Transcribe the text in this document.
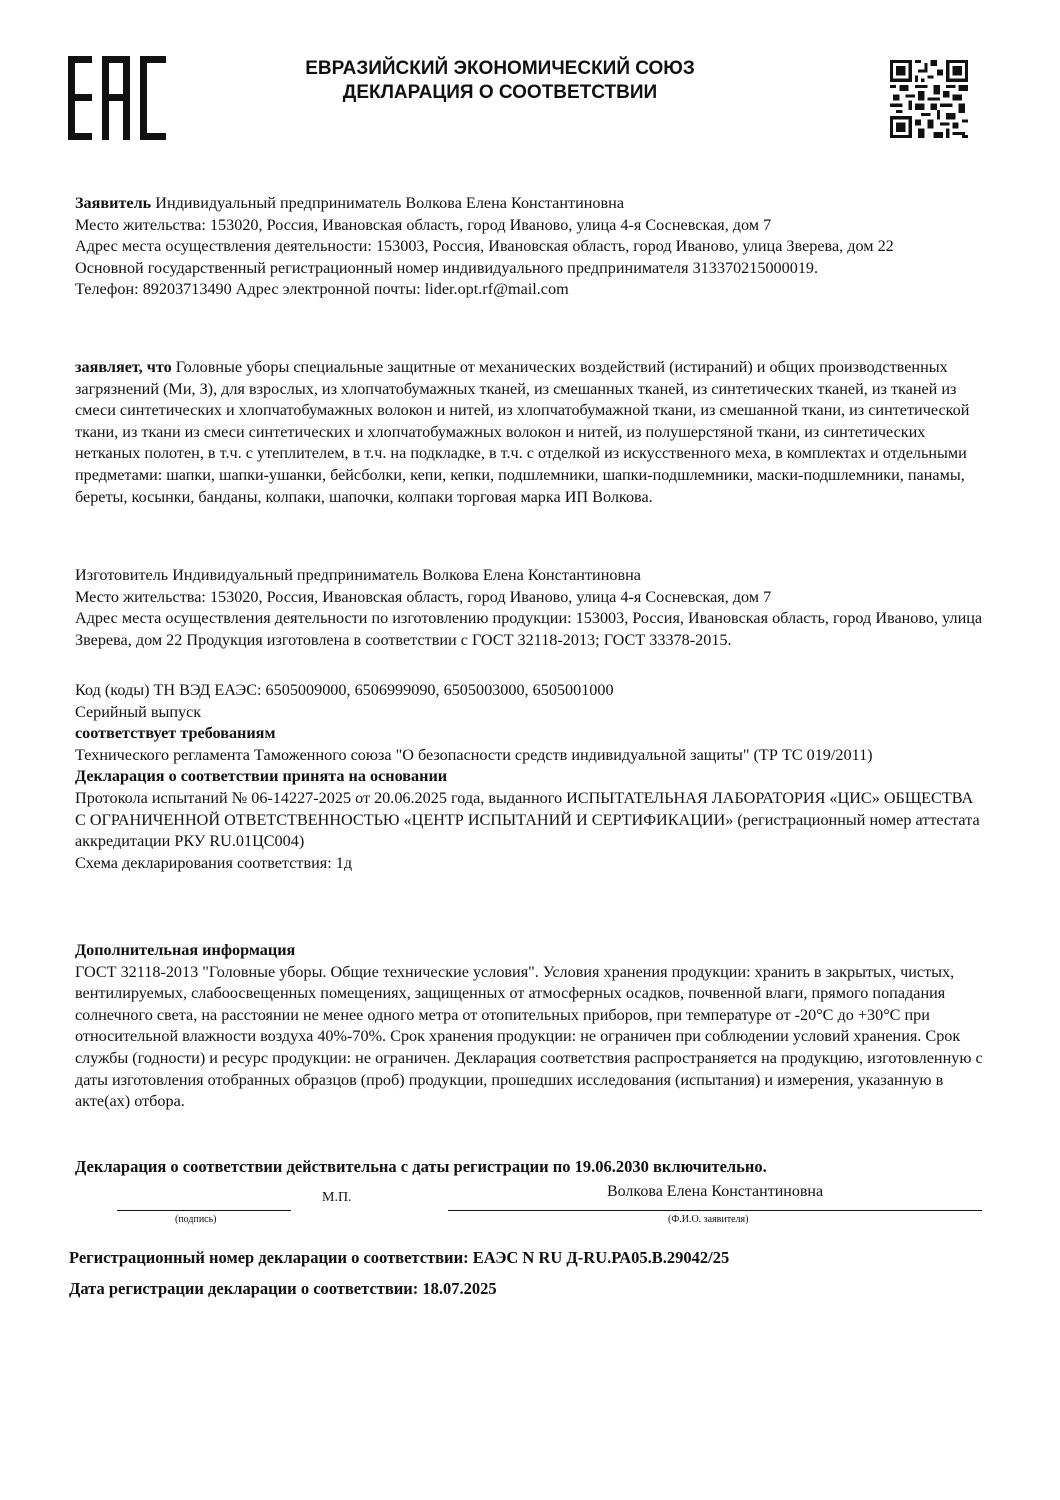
ЕВРАЗИЙСКИЙ ЭКОНОМИЧЕСКИЙ СОЮЗ
ДЕКЛАРАЦИЯ О СООТВЕТСТВИИ

Заявитель Индивидуальный предприниматель Волкова Елена Константиновна

Место жительства: 153020, Россия, Ивановская область, город Иваново, улица 4-я Сосневская, дом 7

Адрес места осуществления деятельности: 153003, Россия, Ивановская область, город Иваново, улица Зверева, дом 22

Основной государственный регистрационный номер индивидуального предпринимателя 313370215000019.

Телефон: 89203713490 Адрес электронной почты: lider.opt.rf@mail.com

заявляет, что Головные уборы специальные защитные от механических воздействий (истираний) и общих производственных загрязнений (Ми, З), для взрослых, из хлопчатобумажных тканей, из смешанных тканей, из синтетических тканей, из тканей из смеси синтетических и хлопчатобумажных волокон и нитей, из хлопчатобумажной ткани, из смешанной ткани, из синтетической ткани, из ткани из смеси синтетических и хлопчатобумажных волокон и нитей, из полушерстяной ткани, из синтетических нетканых полотен, в т.ч. с утеплителем, в т.ч. на подкладке, в т.ч. с отделкой из искусственного меха, в комплектах и отдельными предметами: шапки, шапки-ушанки, бейсболки, кепи, кепки, подшлемники, шапки-подшлемники, маски-подшлемники, панамы, береты, косынки, банданы, колпаки, шапочки, колпаки торговая марка ИП Волкова.

Изготовитель Индивидуальный предприниматель Волкова Елена Константиновна

Место жительства: 153020, Россия, Ивановская область, город Иваново, улица 4-я Сосневская, дом 7

Адрес места осуществления деятельности по изготовлению продукции: 153003, Россия, Ивановская область, город Иваново, улица Зверева, дом 22 Продукция изготовлена в соответствии с ГОСТ 32118-2013; ГОСТ 33378-2015.

Код (коды) ТН ВЭД ЕАЭС: 6505009000, 6506999090, 6505003000, 6505001000

Серийный выпуск

соответствует требованиям

Технического регламента Таможенного союза "О безопасности средств индивидуальной защиты" (ТР ТС 019/2011)

Декларация о соответствии принята на основании

Протокола испытаний № 06-14227-2025 от 20.06.2025 года, выданного ИСПЫТАТЕЛЬНАЯ ЛАБОРАТОРИЯ «ЦИС» ОБЩЕСТВА С ОГРАНИЧЕННОЙ ОТВЕТСТВЕННОСТЬЮ «ЦЕНТР ИСПЫТАНИЙ И СЕРТИФИКАЦИИ» (регистрационный номер аттестата аккредитации РКУ RU.01ЦС004)

Схема декларирования соответствия: 1д

Дополнительная информация

ГОСТ 32118-2013 "Головные уборы. Общие технические условия". Условия хранения продукции: хранить в закрытых, чистых, вентилируемых, слабоосвещенных помещениях, защищенных от атмосферных осадков, почвенной влаги, прямого попадания солнечного света, на расстоянии не менее одного метра от отопительных приборов, при температуре от -20°С до +30°С при относительной влажности воздуха 40%-70%. Срок хранения продукции: не ограничен при соблюдении условий хранения. Срок службы (годности) и ресурс продукции: не ограничен. Декларация соответствия распространяется на продукцию, изготовленную с даты изготовления отобранных образцов (проб) продукции, прошедших исследования (испытания) и измерения, указанную в акте(ах) отбора.

Декларация о соответствии действительна с даты регистрации по 19.06.2030 включительно.
М.П.	Волкова Елена Константиновна
(подпись)	(Ф.И.О. заявителя)
Регистрационный номер декларации о соответствии: ЕАЭС N RU Д-RU.РА05.В.29042/25
Дата регистрации декларации о соответствии: 18.07.2025
